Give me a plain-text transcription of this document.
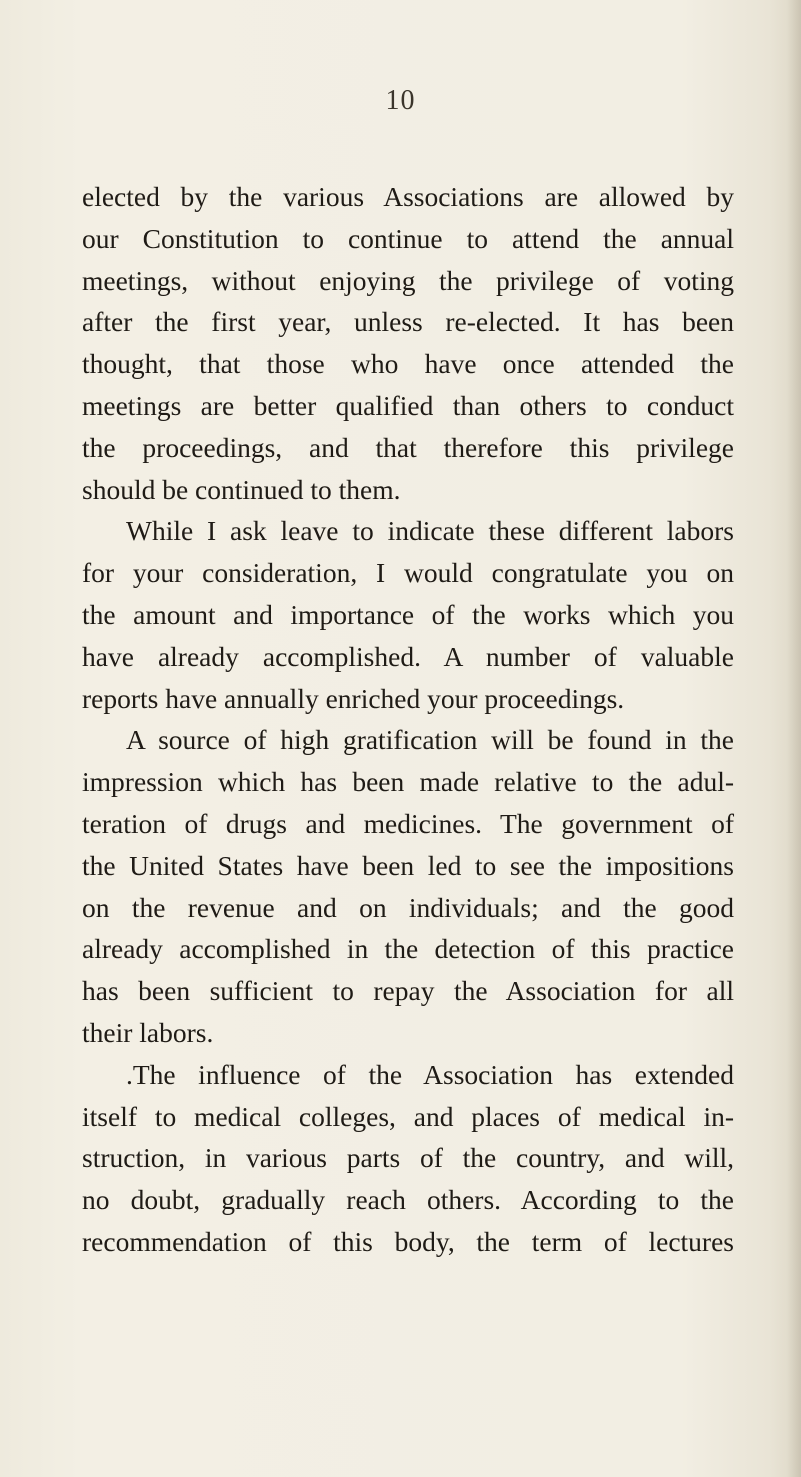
10
elected by the various Associations are allowed by
our Constitution to continue to attend the annual
meetings, without enjoying the privilege of voting
after the first year, unless re-elected. It has been
thought, that those who have once attended the
meetings are better qualified than others to conduct
the proceedings, and that therefore this privilege
should be continued to them.
While I ask leave to indicate these different labors
for your consideration, I would congratulate you on
the amount and importance of the works which you
have already accomplished. A number of valuable
reports have annually enriched your proceedings.
A source of high gratification will be found in the
impression which has been made relative to the adul-
teration of drugs and medicines. The government of
the United States have been led to see the impositions
on the revenue and on individuals; and the good
already accomplished in the detection of this practice
has been sufficient to repay the Association for all
their labors.
.The influence of the Association has extended
itself to medical colleges, and places of medical in-
struction, in various parts of the country, and will,
no doubt, gradually reach others. According to the
recommendation of this body, the term of lectures
